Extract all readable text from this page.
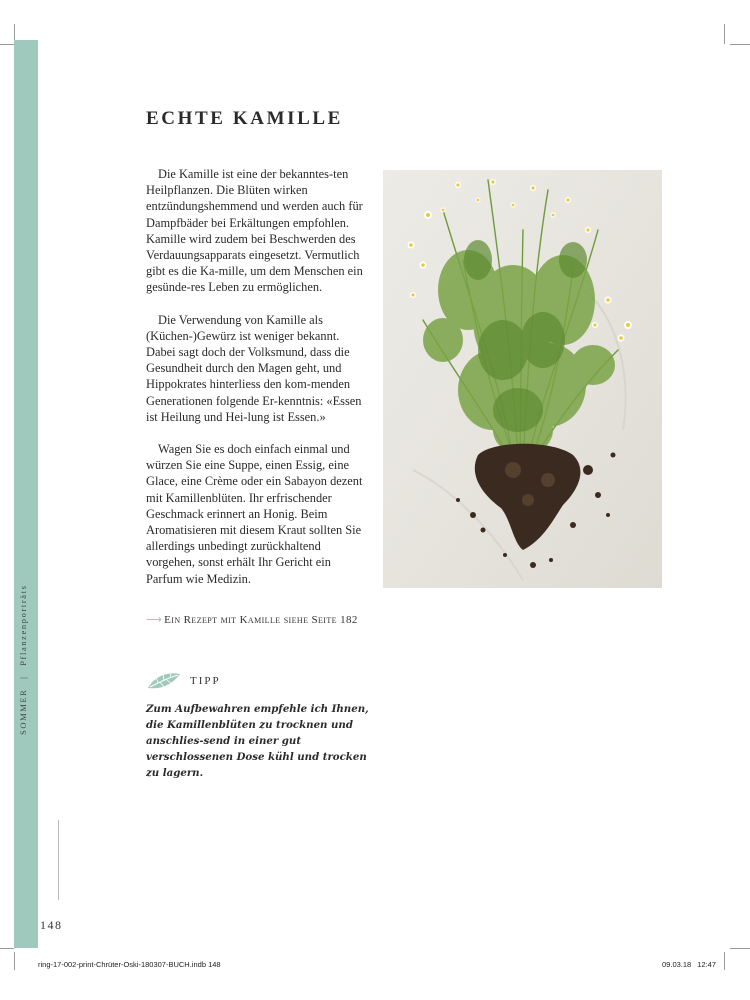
SOMMER | Pflanzenporträts
ECHTE KAMILLE

Die Kamille ist eine der bekanntes-ten Heilpflanzen. Die Blüten wirken entzündungshemmend und werden auch für Dampfbäder bei Erkältungen empfohlen. Kamille wird zudem bei Beschwerden des Verdauungsapparats eingesetzt. Vermutlich gibt es die Ka-mille, um dem Menschen ein gesünde-res Leben zu ermöglichen.

Die Verwendung von Kamille als (Küchen-)Gewürz ist weniger bekannt. Dabei sagt doch der Volksmund, dass die Gesundheit durch den Magen geht, und Hippokrates hinterliess den kom-menden Generationen folgende Er-kenntnis: «Essen ist Heilung und Hei-lung ist Essen.»

Wagen Sie es doch einfach einmal und würzen Sie eine Suppe, einen Essig, eine Glace, eine Crème oder ein Sabayon dezent mit Kamillenblüten. Ihr erfrischender Geschmack erinnert an Honig. Beim Aromatisieren mit diesem Kraut sollten Sie allerdings unbedingt zurückhaltend vorgehen, sonst erhält Ihr Gericht ein Parfum wie Medizin.

⟶ Ein Rezept mit Kamille siehe Seite 182
TIPP
Zum Aufbewahren empfehle ich Ihnen, die Kamillenblüten zu trocknen und anschlies-send in einer gut verschlossenen Dose kühl und trocken zu lagern.
148
ring-17-002-print-Chrüter-Oski-180307-BUCH.indb 148	09.03.18 12:47
